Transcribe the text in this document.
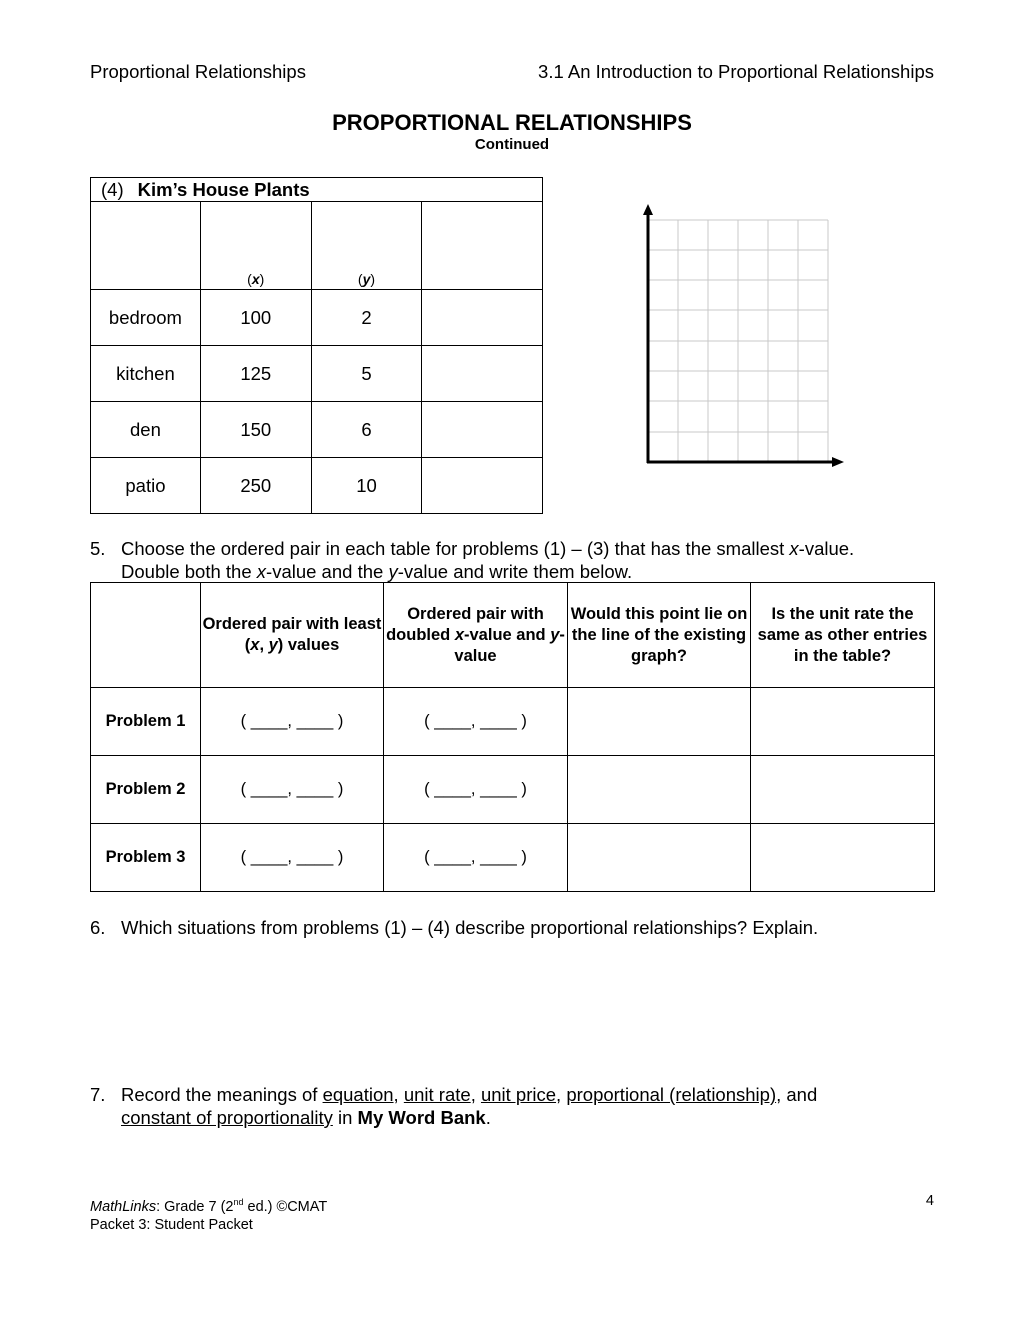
Proportional Relationships	3.1 An Introduction to Proportional Relationships
PROPORTIONAL RELATIONSHIPS
Continued
(4) Kim’s House Plants			
	(x)	(y)	
bedroom	100	2	
kitchen	125	5	
den	150	6	
patio	250	10	
5. Choose the ordered pair in each table for problems (1) – (3) that has the smallest x-value.
Double both the x-value and the y-value and write them below.
	Ordered pair with least (x, y) values	Ordered pair with doubled x-value and y-value	Would this point lie on the line of the existing graph?	Is the unit rate the same as other entries in the table?
Problem 1	( ____, ____ )	( ____, ____ )		
Problem 2	( ____, ____ )	( ____, ____ )		
Problem 3	( ____, ____ )	( ____, ____ )		
6. Which situations from problems (1) – (4) describe proportional relationships? Explain.
7. Record the meanings of equation, unit rate, unit price, proportional (relationship), and
constant of proportionality in My Word Bank.
MathLinks: Grade 7 (2nd ed.) ©CMAT
Packet 3: Student Packet
4
